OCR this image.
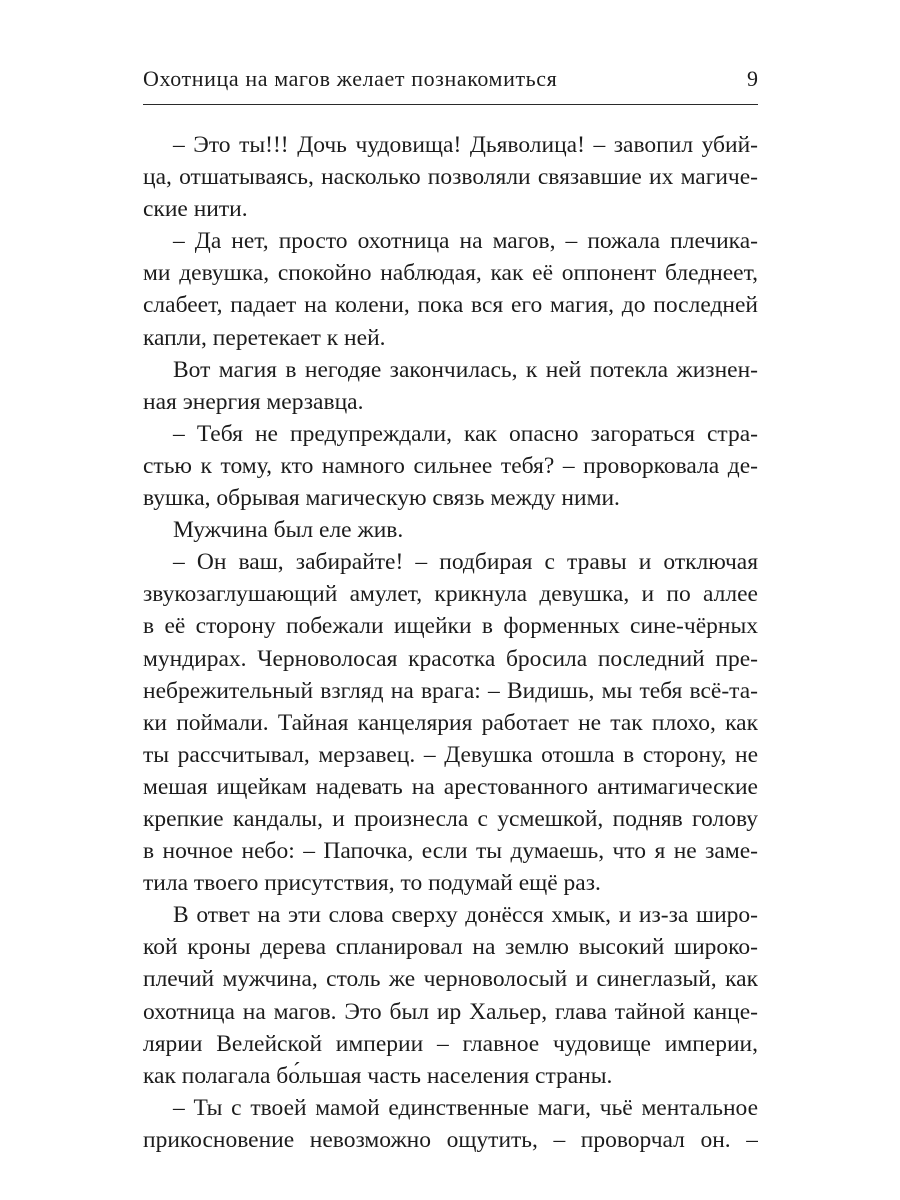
Охотница на магов желает познакомиться	9
– Это ты!!! Дочь чудовища! Дьяволица! – завопил убий-
ца, отшатываясь, насколько позволяли связавшие их магиче-
ские нити.
– Да нет, просто охотница на магов, – пожала плечика-
ми девушка, спокойно наблюдая, как её оппонент бледнеет,
слабеет, падает на колени, пока вся его магия, до последней
капли, перетекает к ней.
Вот магия в негодяе закончилась, к ней потекла жизнен-
ная энергия мерзавца.
– Тебя не предупреждали, как опасно загораться стра-
стью к тому, кто намного сильнее тебя? – проворковала де-
вушка, обрывая магическую связь между ними.
Мужчина был еле жив.
– Он ваш, забирайте! – подбирая с травы и отключая
звукозаглушающий амулет, крикнула девушка, и по аллее
в её сторону побежали ищейки в форменных сине-чёрных
мундирах. Черноволосая красотка бросила последний пре-
небрежительный взгляд на врага: – Видишь, мы тебя всё-та-
ки поймали. Тайная канцелярия работает не так плохо, как
ты рассчитывал, мерзавец. – Девушка отошла в сторону, не
мешая ищейкам надевать на арестованного антимагические
крепкие кандалы, и произнесла с усмешкой, подняв голову
в ночное небо: – Папочка, если ты думаешь, что я не заме-
тила твоего присутствия, то подумай ещё раз.
В ответ на эти слова сверху донёсся хмык, и из-за широ-
кой кроны дерева спланировал на землю высокий широко-
плечий мужчина, столь же черноволосый и синеглазый, как
охотница на магов. Это был ир Хальер, глава тайной канце-
лярии Велейской империи – главное чудовище империи,
как полагала бо́льшая часть населения страны.
– Ты с твоей мамой единственные маги, чьё ментальное
прикосновение невозможно ощутить, – проворчал он. –
